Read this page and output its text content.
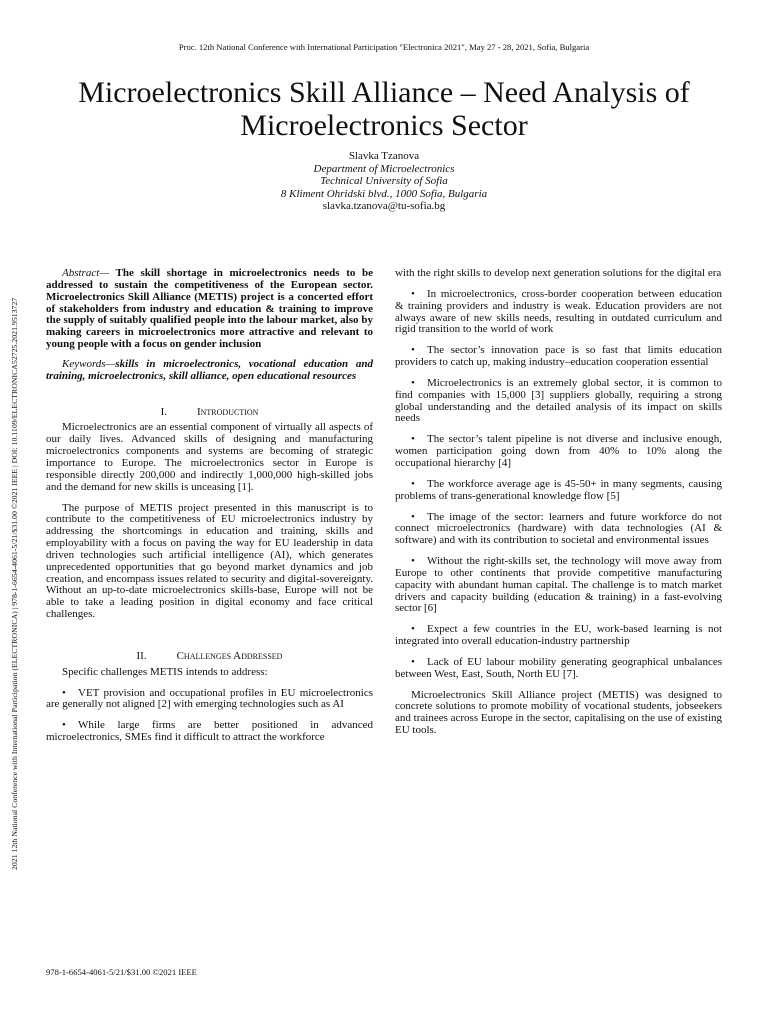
Proc. 12th National Conference with International Participation "Electronica 2021", May 27 - 28, 2021, Sofia, Bulgaria
2021 12th National Conference with International Participation (ELECTRONICA) | 978-1-6654-4061-5/21/$31.00 ©2021 IEEE | DOI: 10.1109/ELECTRONICA52725.2021.9513727
Microelectronics Skill Alliance – Need Analysis of Microelectronics Sector
Slavka Tzanova
Department of Microelectronics
Technical University of Sofia
8 Kliment Ohridski blvd., 1000 Sofia, Bulgaria
slavka.tzanova@tu-sofia.bg

Abstract— The skill shortage in microelectronics needs to be addressed to sustain the competitiveness of the European sector. Microelectronics Skill Alliance (METIS) project is a concerted effort of stakeholders from industry and education & training to improve the supply of suitably qualified people into the labour market, also by making careers in microelectronics more attractive and relevant to young people with a focus on gender inclusion

Keywords—skills in microelectronics, vocational education and training, microelectronics, skill alliance, open educational resources

I.	Introduction

Microelectronics are an essential component of virtually all aspects of our daily lives. Advanced skills of designing and manufacturing microelectronics components and systems are becoming of strategic importance to Europe. The microelectronics sector in Europe is responsible directly 200,000 and indirectly 1,000,000 high-skilled jobs and the demand for new skills is unceasing [1].

The purpose of METIS project presented in this manuscript is to contribute to the competitiveness of EU microelectronics industry by addressing the shortcomings in education and training, skills and employability with a focus on paving the way for EU leadership in data driven technologies such artificial intelligence (AI), which generates unprecedented opportunities that go beyond market dynamics and job creation, and encompass issues related to security and digital-sovereignty. Without an up-to-date microelectronics skills-base, Europe will not be able to take a leading position in digital economy and face critical challenges.

II.	Challenges Addressed

Specific challenges METIS intends to address:

• VET provision and occupational profiles in EU microelectronics are generally not aligned [2] with emerging technologies such as AI

• While large firms are better positioned in advanced microelectronics, SMEs find it difficult to attract the workforce

with the right skills to develop next generation solutions for the digital era

• In microelectronics, cross-border cooperation between education & training providers and industry is weak. Education providers are not always aware of new skills needs, resulting in outdated curriculum and rigid transition to the world of work

• The sector’s innovation pace is so fast that limits education providers to catch up, making industry–education cooperation essential

• Microelectronics is an extremely global sector, it is common to find companies with 15,000 [3] suppliers globally, requiring a strong global understanding and the detailed analysis of its impact on skills needs

• The sector’s talent pipeline is not diverse and inclusive enough, women participation going down from 40% to 10% along the occupational hierarchy [4]

• The workforce average age is 45-50+ in many segments, causing problems of trans-generational knowledge flow [5]

• The image of the sector: learners and future workforce do not connect microelectronics (hardware) with data technologies (AI & software) and with its contribution to societal and environmental issues

• Without the right-skills set, the technology will move away from Europe to other continents that provide competitive manufacturing capacity with abundant human capital. The challenge is to match market drivers and capacity building (education & training) in a fast-evolving sector [6]

• Expect a few countries in the EU, work-based learning is not integrated into overall education-industry partnership

• Lack of EU labour mobility generating geographical unbalances between West, East, South, North EU [7].

Microelectronics Skill Alliance project (METIS) was designed to concrete solutions to promote mobility of vocational students, jobseekers and trainees across Europe in the sector, capitalising on the use of existing EU tools.

978-1-6654-4061-5/21/$31.00 ©2021 IEEE
